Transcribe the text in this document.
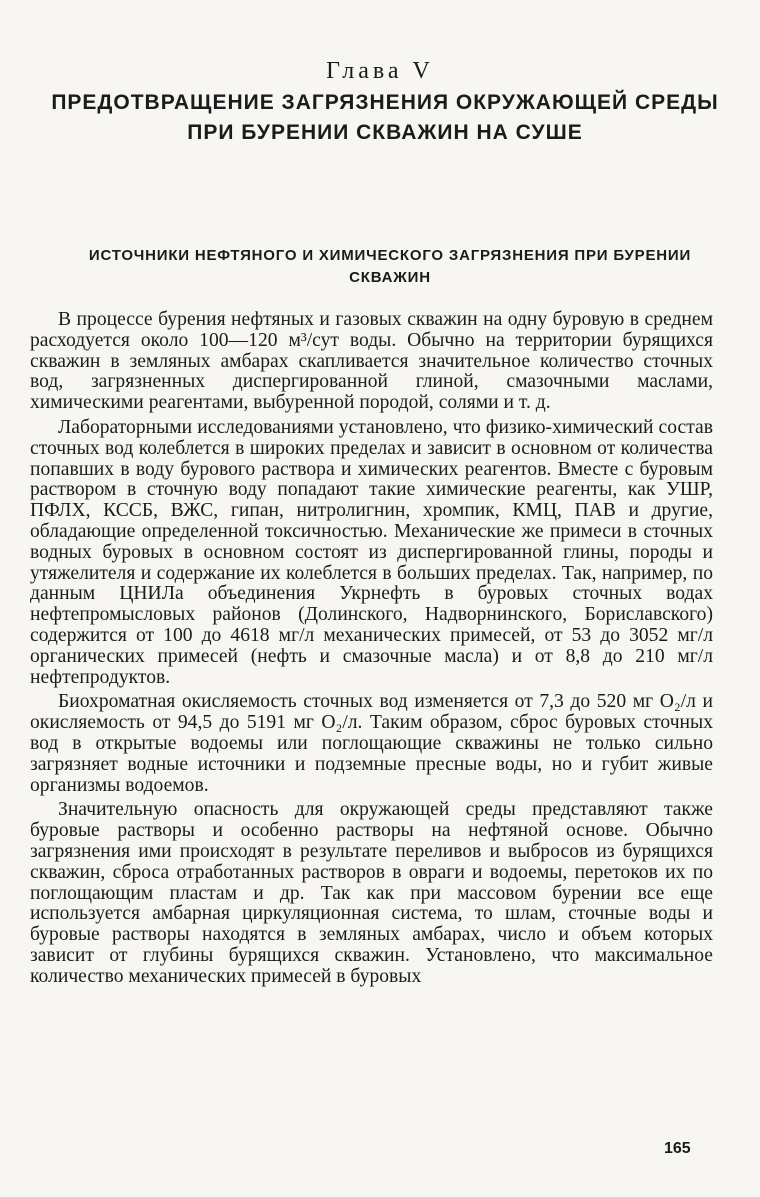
Глава V
ПРЕДОТВРАЩЕНИЕ ЗАГРЯЗНЕНИЯ ОКРУЖАЮЩЕЙ СРЕДЫ ПРИ БУРЕНИИ СКВАЖИН НА СУШЕ
ИСТОЧНИКИ НЕФТЯНОГО И ХИМИЧЕСКОГО ЗАГРЯЗНЕНИЯ ПРИ БУРЕНИИ СКВАЖИН

В процессе бурения нефтяных и газовых скважин на одну буровую в среднем расходуется около 100—120 м³/сут воды. Обычно на территории бурящихся скважин в земляных амбарах скапливается значительное количество сточных вод, загрязненных диспергированной глиной, смазочными маслами, химическими реагентами, выбуренной породой, солями и т. д.

Лабораторными исследованиями установлено, что физико-химический состав сточных вод колеблется в широких пределах и зависит в основном от количества попавших в воду бурового раствора и химических реагентов. Вместе с буровым раствором в сточную воду попадают такие химические реагенты, как УШР, ПФЛХ, КССБ, ВЖС, гипан, нитролигнин, хромпик, КМЦ, ПАВ и другие, обладающие определенной токсичностью. Механические же примеси в сточных водных буровых в основном состоят из диспергированной глины, породы и утяжелителя и содержание их колеблется в больших пределах. Так, например, по данным ЦНИЛа объединения Укрнефть в буровых сточных водах нефтепромысловых районов (Долинского, Надворнинского, Бориславского) содержится от 100 до 4618 мг/л механических примесей, от 53 до 3052 мг/л органических примесей (нефть и смазочные масла) и от 8,8 до 210 мг/л нефтепродуктов.

Биохроматная окисляемость сточных вод изменяется от 7,3 до 520 мг O₂/л и окисляемость от 94,5 до 5191 мг O₂/л. Таким образом, сброс буровых сточных вод в открытые водоемы или поглощающие скважины не только сильно загрязняет водные источники и подземные пресные воды, но и губит живые организмы водоемов.

Значительную опасность для окружающей среды представляют также буровые растворы и особенно растворы на нефтяной основе. Обычно загрязнения ими происходят в результате переливов и выбросов из бурящихся скважин, сброса отработанных растворов в овраги и водоемы, перетоков их по поглощающим пластам и др. Так как при массовом бурении все еще используется амбарная циркуляционная система, то шлам, сточные воды и буровые растворы находятся в земляных амбарах, число и объем которых зависит от глубины бурящихся скважин. Установлено, что максимальное количество механических примесей в буровых

165
